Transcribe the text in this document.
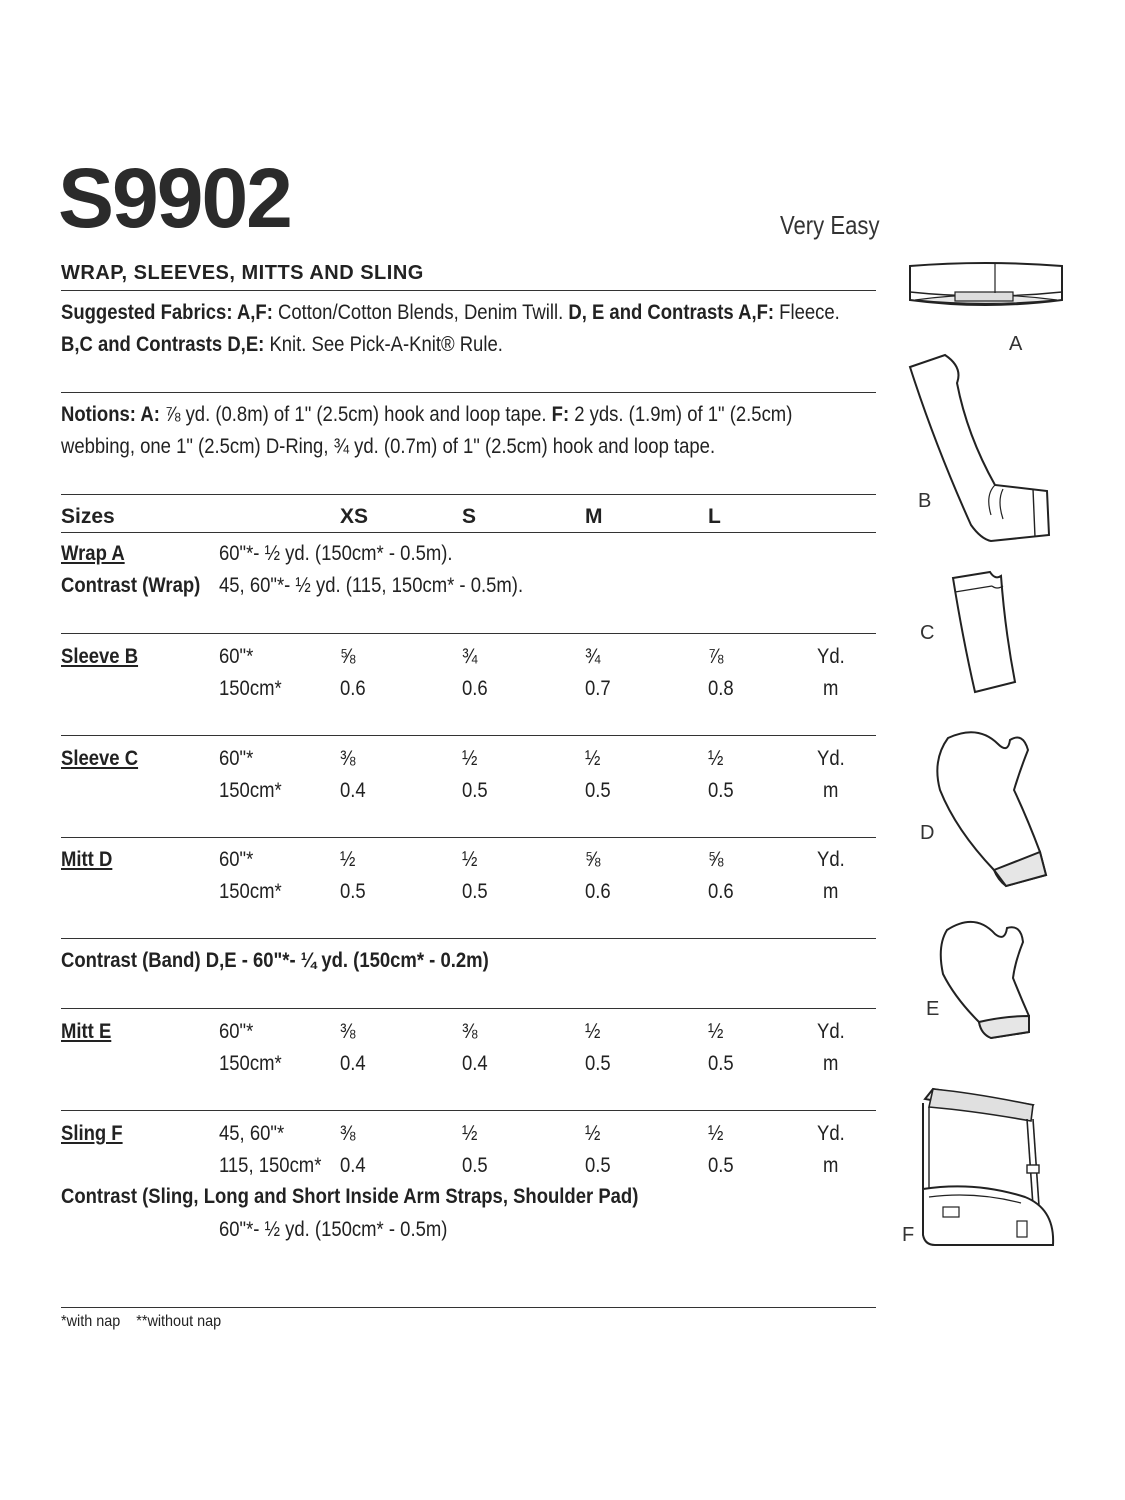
S9902	Very Easy
WRAP, SLEEVES, MITTS AND SLING
Suggested Fabrics: A,F: Cotton/Cotton Blends, Denim Twill. D, E and Contrasts A,F: Fleece.
B,C and Contrasts D,E: Knit. See Pick-A-Knit® Rule.
Notions: A: ⅞ yd. (0.8m) of 1" (2.5cm) hook and loop tape. F: 2 yds. (1.9m) of 1" (2.5cm)
webbing, one 1" (2.5cm) D-Ring, ¾ yd. (0.7m) of 1" (2.5cm) hook and loop tape.
Sizes	XS	S	M	L
Wrap A	60"*- ½ yd. (150cm* - 0.5m).
Contrast (Wrap) 45, 60"*- ½ yd. (115, 150cm* - 0.5m).
Sleeve B	60"*	⅝	¾	¾	⅞	Yd.
150cm*	0.6	0.6	0.7	0.8	m
Sleeve C	60"*	⅜	½	½	½	Yd.
150cm*	0.4	0.5	0.5	0.5	m
Mitt D	60"*	½	½	⅝	⅝	Yd.
150cm*	0.5	0.5	0.6	0.6	m
Mitt E	60"*	⅜	⅜	½	½	Yd.
150cm*	0.4	0.4	0.5	0.5	m
Sling F	45, 60"*	⅜	½	½	½	Yd.
115, 150cm* 0.4	0.5	0.5	0.5	m
Contrast (Band) D,E - 60"*- ¼ yd. (150cm* - 0.2m)
Contrast (Sling, Long and Short Inside Arm Straps, Shoulder Pad)
60"*- ½ yd. (150cm* - 0.5m)
*with nap    **without nap
A
B
C
D
E
F
